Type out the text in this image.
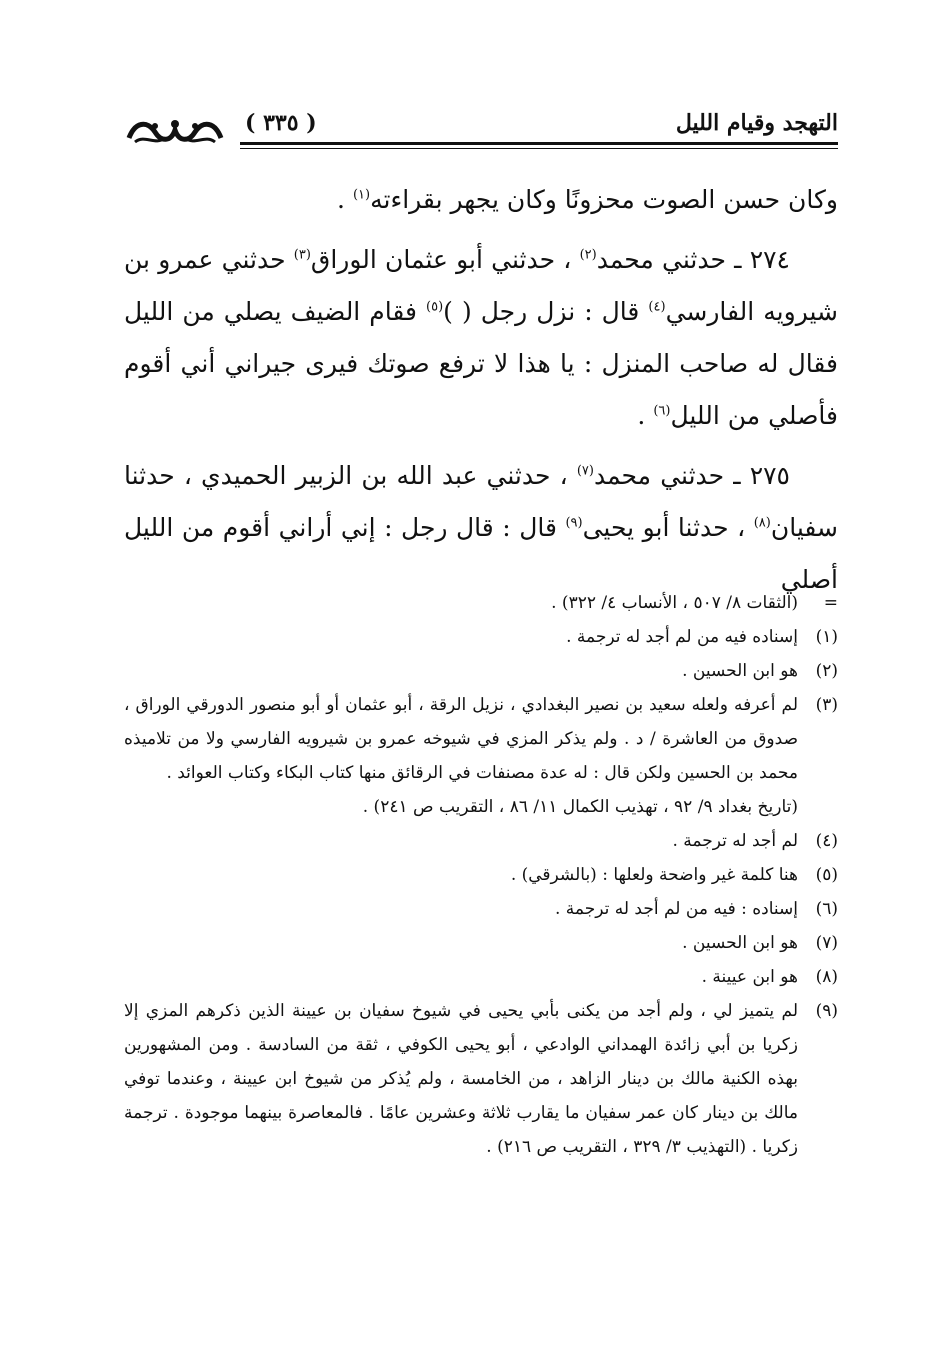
( ٣٣٥ )	التهجد وقيام الليل

وكان حسن الصوت محزونًا وكان يجهر بقراءته$^{(١)}$ .

٢٧٤ ـ حدثني محمد$^{(٢)}$ ، حدثني أبو عثمان الوراق$^{(٣)}$ حدثني عمرو بن شيرويه الفارسي$^{(٤)}$ قال : نزل رجل ( )$^{(٥)}$ فقام الضيف يصلي من الليل فقال له صاحب المنزل : يا هذا لا ترفع صوتك فيرى جيراني أني أقوم فأصلي من الليل$^{(٦)}$ .

٢٧٥ ـ حدثني محمد$^{(٧)}$ ، حدثني عبد الله بن الزبير الحميدي ، حدثنا سفيان$^{(٨)}$ ، حدثنا أبو يحيى$^{(٩)}$ قال : قال رجل : إني أراني أقوم من الليل أصلي

=
(الثقات ٨/ ٥٠٧ ، الأنساب ٤/ ٣٢٢) .
(١)
إسناده فيه من لم أجد له ترجمة .
(٢)
هو ابن الحسين .
(٣)

لم أعرفه ولعله سعيد بن نصير البغدادي ، نزيل الرقة ، أبو عثمان أو أبو منصور الدورقي الوراق ، صدوق من العاشرة / د . ولم يذكر المزي في شيوخه عمرو بن شيرويه الفارسي ولا من تلاميذه محمد بن الحسين ولكن قال : له عدة مصنفات في الرقائق منها كتاب البكاء وكتاب العوائد .

(تاريخ بغداد ٩/ ٩٢ ، تهذيب الكمال ١١/ ٨٦ ، التقريب ص ٢٤١) .

(٤)
لم أجد له ترجمة .
(٥)
هنا كلمة غير واضحة ولعلها : (بالشرقي) .
(٦)
إسناده : فيه من لم أجد له ترجمة .
(٧)
هو ابن الحسين .
(٨)
هو ابن عيينة .
(٩)
لم يتميز لي ، ولم أجد من يكنى بأبي يحيى في شيوخ سفيان بن عيينة الذين ذكرهم المزي إلا زكريا بن أبي زائدة الهمداني الوادعي ، أبو يحيى الكوفي ، ثقة من السادسة . ومن المشهورين بهذه الكنية مالك بن دينار الزاهد ، من الخامسة ، ولم يُذكر من شيوخ ابن عيينة ، وعندما توفي مالك بن دينار كان عمر سفيان ما يقارب ثلاثة وعشرين عامًا . فالمعاصرة بينهما موجودة . ترجمة زكريا . (التهذيب ٣/ ٣٢٩ ، التقريب ص ٢١٦) .
